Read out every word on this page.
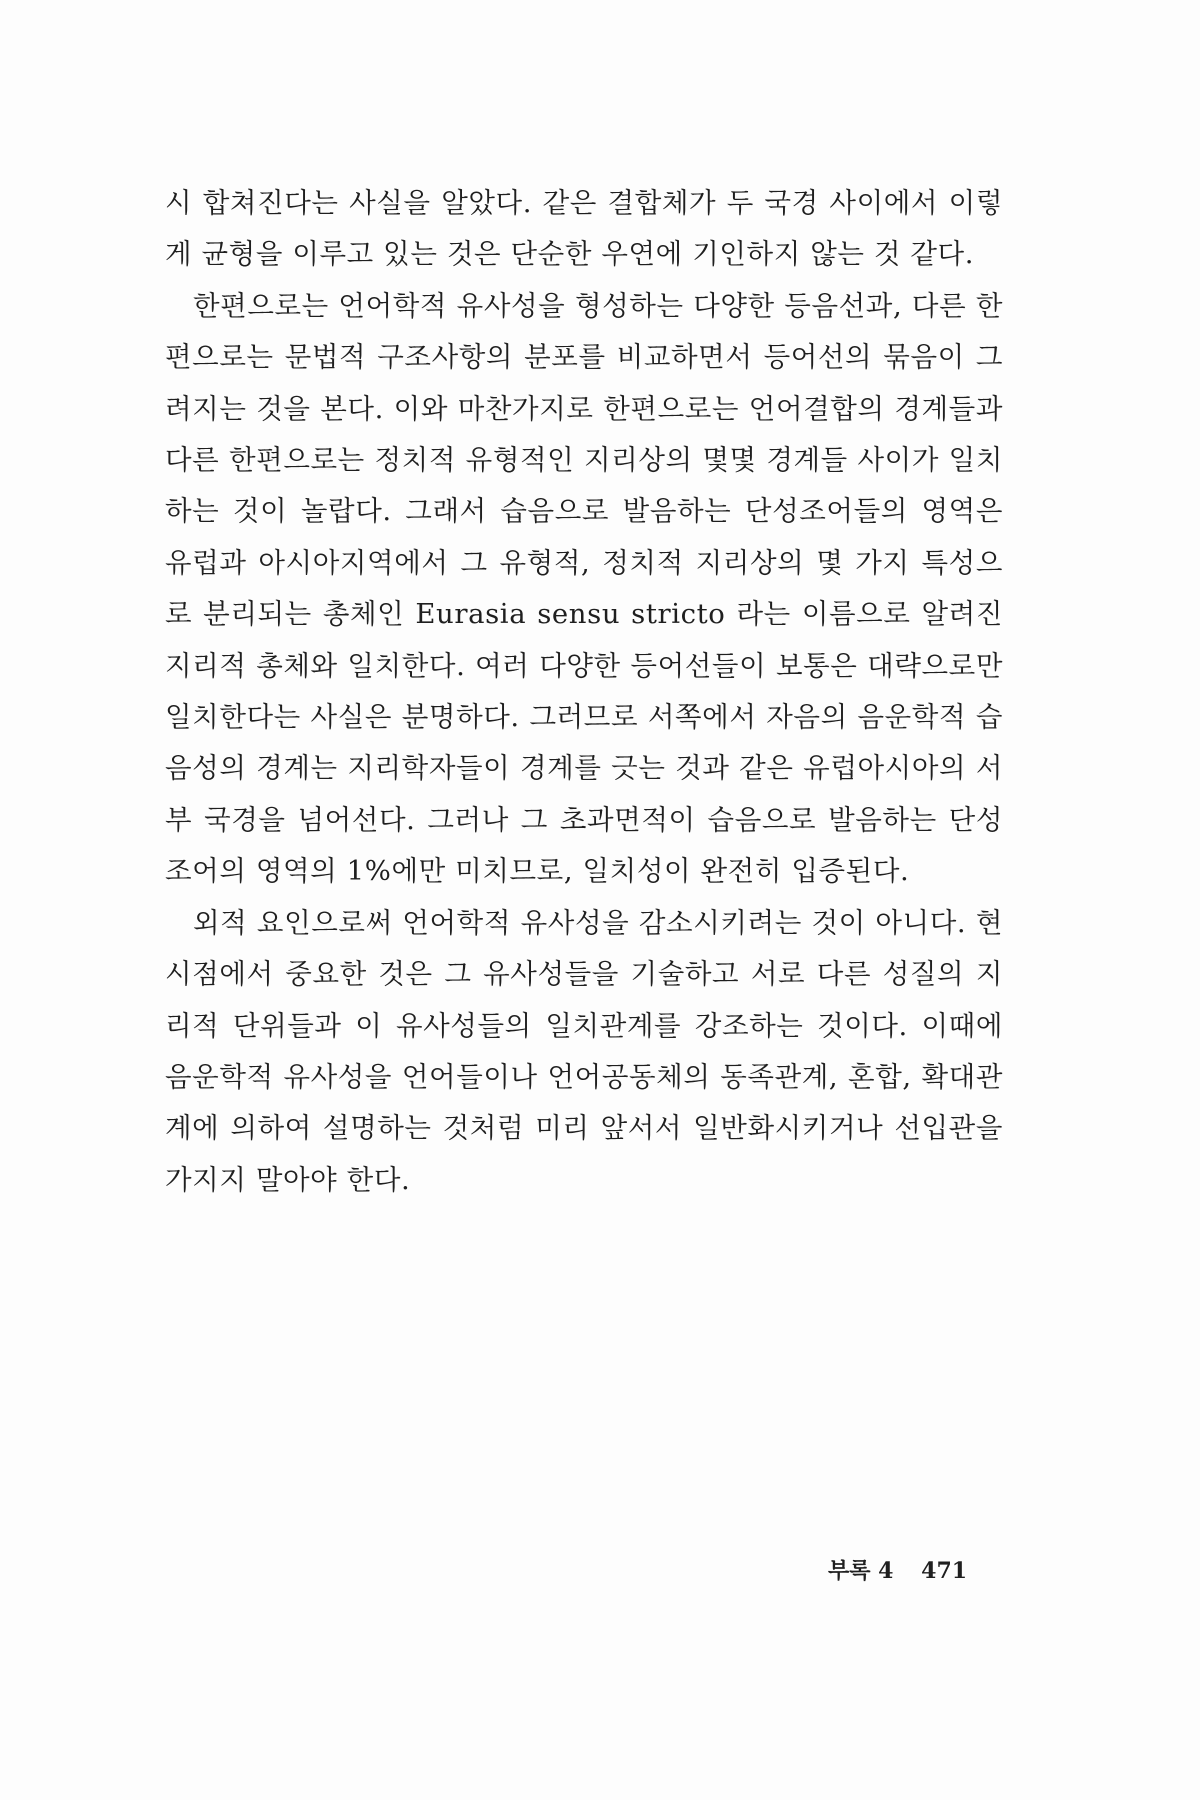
시 합쳐진다는 사실을 알았다. 같은 결합체가 두 국경 사이에서 이렇게 균형을 이루고 있는 것은 단순한 우연에 기인하지 않는 것 같다.

한편으로는 언어학적 유사성을 형성하는 다양한 등음선과, 다른 한편으로는 문법적 구조사항의 분포를 비교하면서 등어선의 묶음이 그려지는 것을 본다. 이와 마찬가지로 한편으로는 언어결합의 경계들과 다른 한편으로는 정치적 유형적인 지리상의 몇몇 경계들 사이가 일치하는 것이 놀랍다. 그래서 습음으로 발음하는 단성조어들의 영역은 유럽과 아시아지역에서 그 유형적, 정치적 지리상의 몇 가지 특성으로 분리되는 총체인 Eurasia sensu stricto 라는 이름으로 알려진 지리적 총체와 일치한다. 여러 다양한 등어선들이 보통은 대략으로만 일치한다는 사실은 분명하다. 그러므로 서쪽에서 자음의 음운학적 습음성의 경계는 지리학자들이 경계를 긋는 것과 같은 유럽아시아의 서부 국경을 넘어선다. 그러나 그 초과면적이 습음으로 발음하는 단성조어의 영역의 1%에만 미치므로, 일치성이 완전히 입증된다.

외적 요인으로써 언어학적 유사성을 감소시키려는 것이 아니다. 현 시점에서 중요한 것은 그 유사성들을 기술하고 서로 다른 성질의 지리적 단위들과 이 유사성들의 일치관계를 강조하는 것이다. 이때에 음운학적 유사성을 언어들이나 언어공동체의 동족관계, 혼합, 확대관계에 의하여 설명하는 것처럼 미리 앞서서 일반화시키거나 선입관을 가지지 말아야 한다.

부록 4 471
